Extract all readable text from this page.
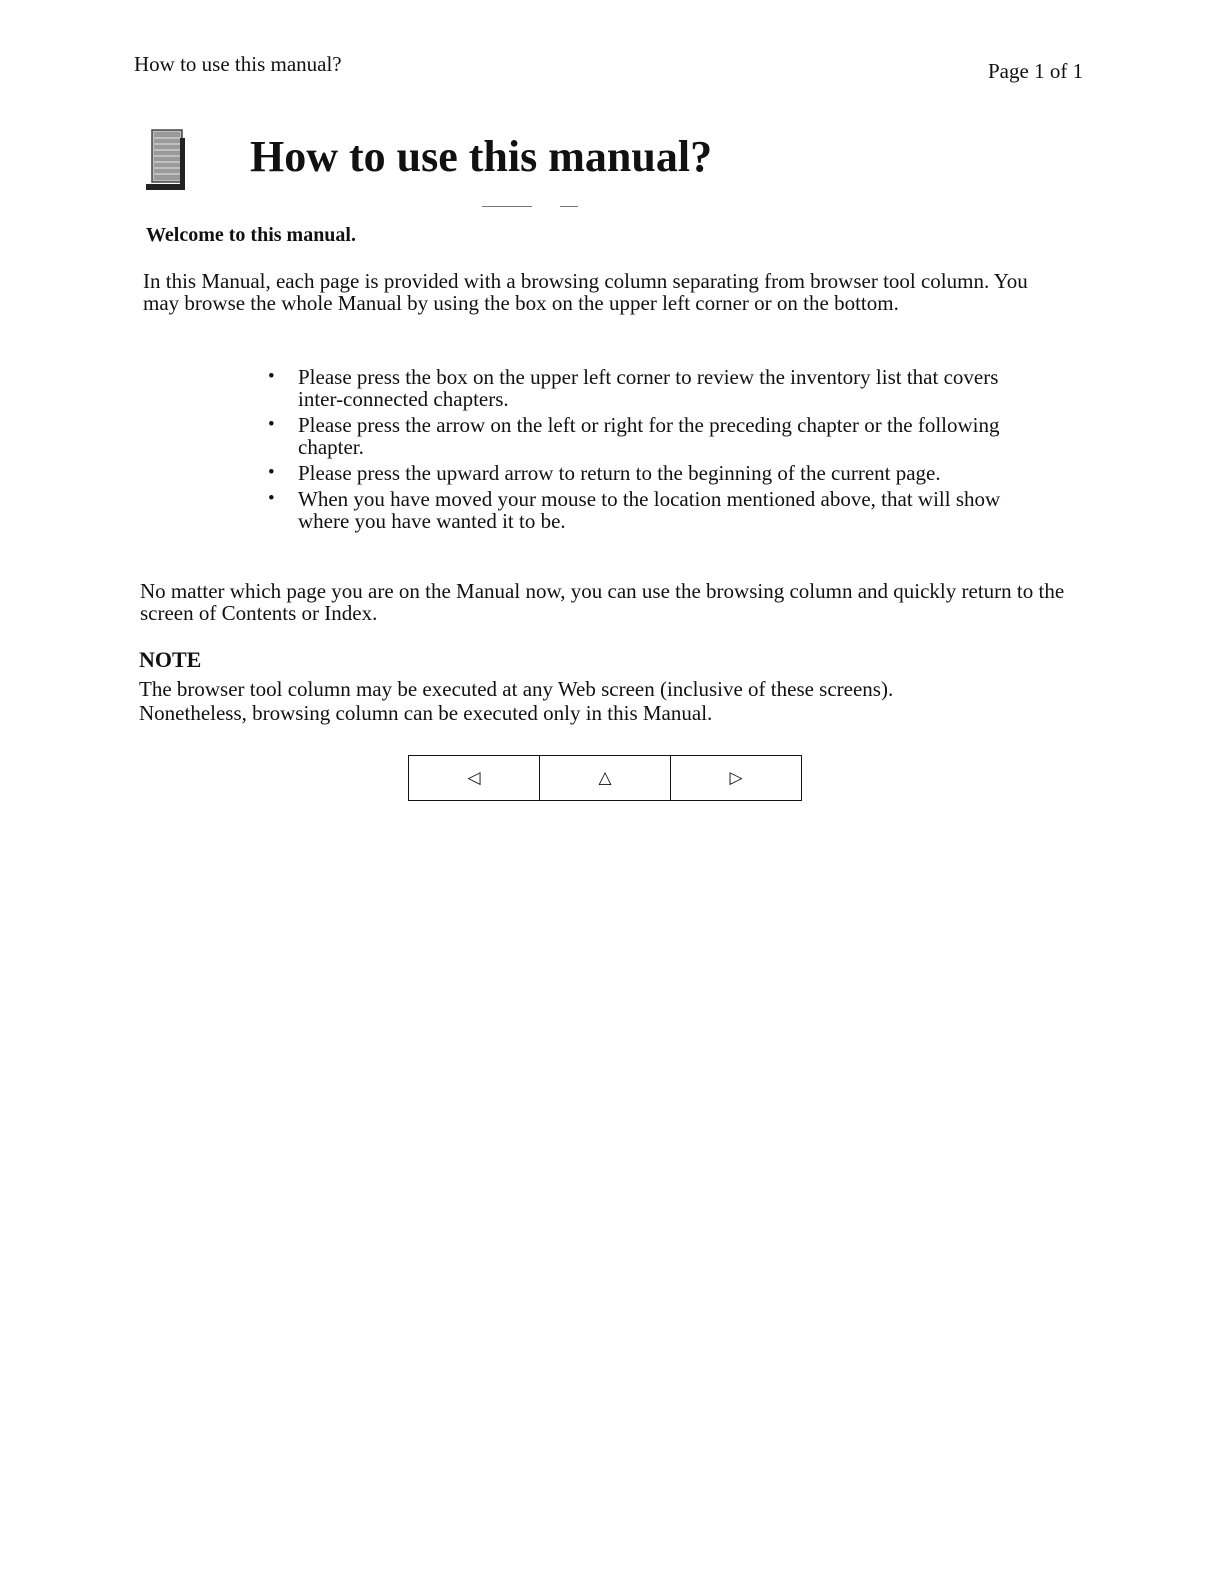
How to use this manual?	Page 1 of 1
How to use this manual?

Welcome to this manual.

In this Manual, each page is provided with a browsing column separating from browser tool column. You may browse the whole Manual by using the box on the upper left corner or on the bottom.

• Please press the box on the upper left corner to review the inventory list that covers inter-connected chapters.
• Please press the arrow on the left or right for the preceding chapter or the following chapter.
• Please press the upward arrow to return to the beginning of the current page.
• When you have moved your mouse to the location mentioned above, that will show where you have wanted it to be.

No matter which page you are on the Manual now, you can use the browsing column and quickly return to the screen of Contents or Index.

NOTE

The browser tool column may be executed at any Web screen (inclusive of these screens).
Nonetheless, browsing column can be executed only in this Manual.

◁	△	▷
